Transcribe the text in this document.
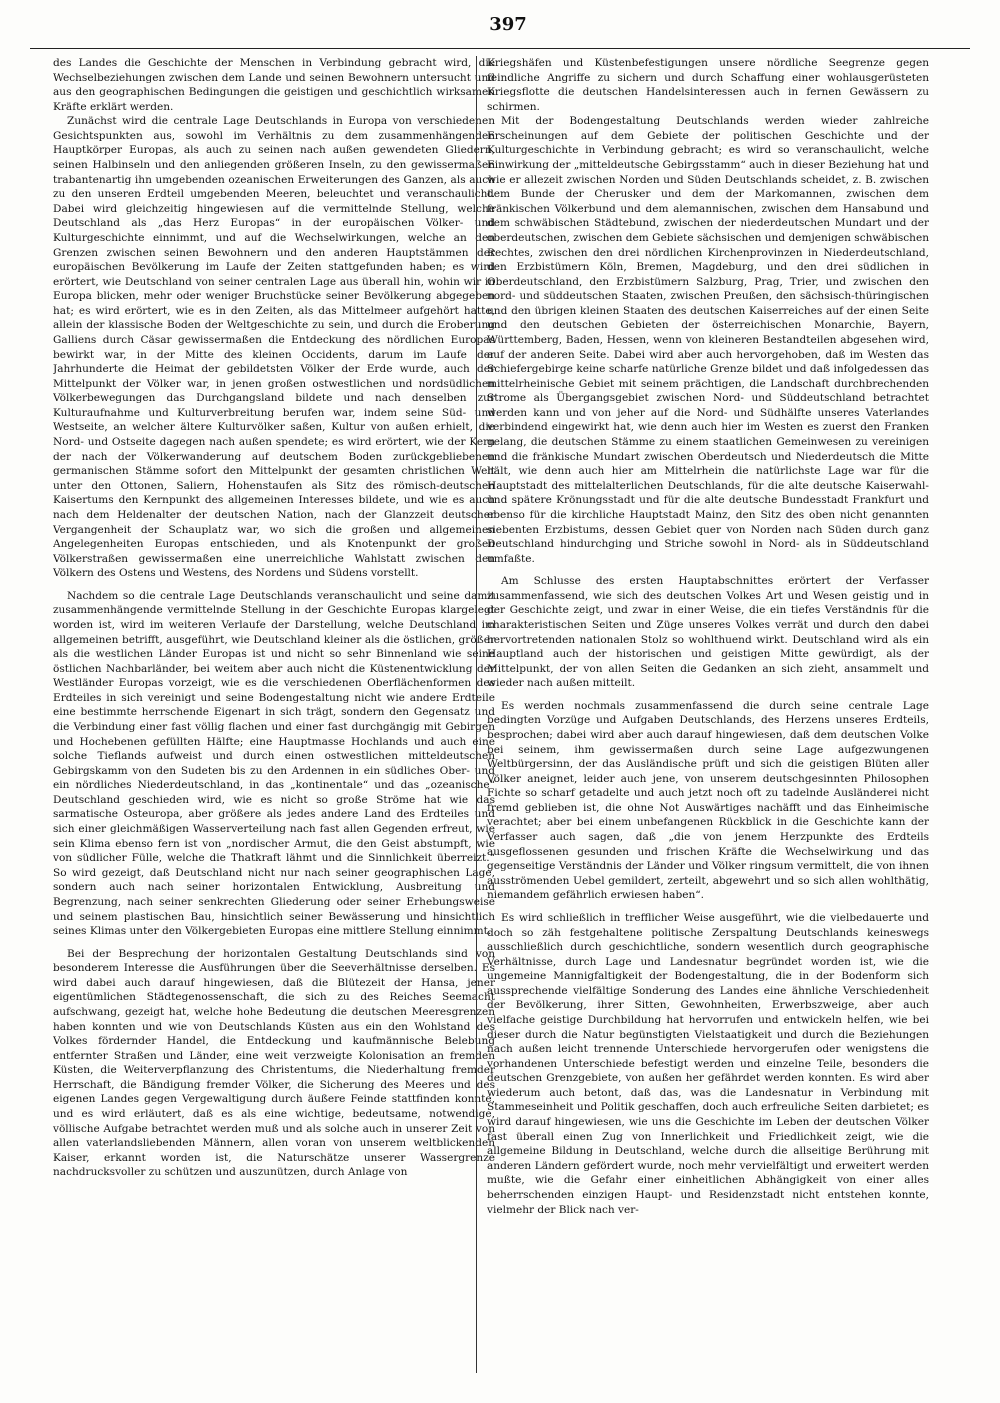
397

des Landes die Geschichte der Menschen in Verbindung gebracht wird, die Wechselbeziehungen zwischen dem Lande und seinen Bewohnern untersucht und aus den geographischen Bedingungen die geistigen und geschichtlich wirksamen Kräfte erklärt werden.

Zunächst wird die centrale Lage Deutschlands in Europa von verschiedenen Gesichtspunkten aus, sowohl im Verhältnis zu dem zusammenhängenden Hauptkörper Europas, als auch zu seinen nach außen gewendeten Gliedern, seinen Halbinseln und den anliegenden größeren Inseln, zu den gewissermaßen trabantenartig ihn umgebenden ozeanischen Erweiterungen des Ganzen, als auch zu den unseren Erdteil umgebenden Meeren, beleuchtet und veranschaulicht. Dabei wird gleichzeitig hingewiesen auf die vermittelnde Stellung, welche Deutschland als „das Herz Europas“ in der europäischen Völker- und Kulturgeschichte einnimmt, und auf die Wechselwirkungen, welche an den Grenzen zwischen seinen Bewohnern und den anderen Hauptstämmen der europäischen Bevölkerung im Laufe der Zeiten stattgefunden haben; es wird erörtert, wie Deutschland von seiner centralen Lage aus überall hin, wohin wir in Europa blicken, mehr oder weniger Bruchstücke seiner Bevölkerung abgegeben hat; es wird erörtert, wie es in den Zeiten, als das Mittelmeer aufgehört hatte, allein der klassische Boden der Weltgeschichte zu sein, und durch die Eroberung Galliens durch Cäsar gewissermaßen die Entdeckung des nördlichen Europas bewirkt war, in der Mitte des kleinen Occidents, darum im Laufe der Jahrhunderte die Heimat der gebildetsten Völker der Erde wurde, auch der Mittelpunkt der Völker war, in jenen großen ostwestlichen und nordsüdlichen Völkerbewegungen das Durchgangsland bildete und nach denselben zur Kulturaufnahme und Kulturverbreitung berufen war, indem seine Süd- und Westseite, an welcher ältere Kulturvölker saßen, Kultur von außen erhielt, die Nord- und Ostseite dagegen nach außen spendete; es wird erörtert, wie der Kern der nach der Völkerwanderung auf deutschem Boden zurückgebliebenen germanischen Stämme sofort den Mittelpunkt der gesamten christlichen Welt unter den Ottonen, Saliern, Hohenstaufen als Sitz des römisch-deutschen Kaisertums den Kernpunkt des allgemeinen Interesses bildete, und wie es auch nach dem Heldenalter der deutschen Nation, nach der Glanzzeit deutscher Vergangenheit der Schauplatz war, wo sich die großen und allgemeinen Angelegenheiten Europas entschieden, und als Knotenpunkt der großen Völkerstraßen gewissermaßen eine unerreichliche Wahlstatt zwischen den Völkern des Ostens und Westens, des Nordens und Südens vorstellt.

Nachdem so die centrale Lage Deutschlands veranschaulicht und seine damit zusammenhängende vermittelnde Stellung in der Geschichte Europas klargelegt worden ist, wird im weiteren Verlaufe der Darstellung, welche Deutschland im allgemeinen betrifft, ausgeführt, wie Deutschland kleiner als die östlichen, größer als die westlichen Länder Europas ist und nicht so sehr Binnenland wie seine östlichen Nachbarländer, bei weitem aber auch nicht die Küstenentwicklung der Westländer Europas vorzeigt, wie es die verschiedenen Oberflächenformen des Erdteiles in sich vereinigt und seine Bodengestaltung nicht wie andere Erdteile eine bestimmte herrschende Eigenart in sich trägt, sondern den Gegensatz und die Verbindung einer fast völlig flachen und einer fast durchgängig mit Gebirgen und Hochebenen gefüllten Hälfte; eine Hauptmasse Hochlands und auch eine solche Tieflands aufweist und durch einen ostwestlichen mitteldeutschen Gebirgskamm von den Sudeten bis zu den Ardennen in ein südliches Ober- und ein nördliches Niederdeutschland, in das „kontinentale“ und das „ozeanische“ Deutschland geschieden wird, wie es nicht so große Ströme hat wie das sarmatische Osteuropa, aber größere als jedes andere Land des Erdteiles und sich einer gleichmäßigen Wasserverteilung nach fast allen Gegenden erfreut, wie sein Klima ebenso fern ist von „nordischer Armut, die den Geist abstumpft, wie von südlicher Fülle, welche die Thatkraft lähmt und die Sinnlichkeit überreizt.“ So wird gezeigt, daß Deutschland nicht nur nach seiner geographischen Lage, sondern auch nach seiner horizontalen Entwicklung, Ausbreitung und Begrenzung, nach seiner senkrechten Gliederung oder seiner Erhebungsweise und seinem plastischen Bau, hinsichtlich seiner Bewässerung und hinsichtlich seines Klimas unter den Völkergebieten Europas eine mittlere Stellung einnimmt.

Bei der Besprechung der horizontalen Gestaltung Deutschlands sind von besonderem Interesse die Ausführungen über die Seeverhältnisse derselben. Es wird dabei auch darauf hingewiesen, daß die Blütezeit der Hansa, jener eigentümlichen Städtegenossenschaft, die sich zu des Reiches Seemacht aufschwang, gezeigt hat, welche hohe Bedeutung die deutschen Meeresgrenzen haben konnten und wie von Deutschlands Küsten aus ein den Wohlstand des Volkes fördernder Handel, die Entdeckung und kaufmännische Belebung entfernter Straßen und Länder, eine weit verzweigte Kolonisation an fremden Küsten, die Weiterverpflanzung des Christentums, die Niederhaltung fremder Herrschaft, die Bändigung fremder Völker, die Sicherung des Meeres und des eigenen Landes gegen Vergewaltigung durch äußere Feinde stattfinden konnte, und es wird erläutert, daß es als eine wichtige, bedeutsame, notwendige, völlische Aufgabe betrachtet werden muß und als solche auch in unserer Zeit von allen vaterlandsliebenden Männern, allen voran von unserem weltblickenden Kaiser, erkannt worden ist, die Naturschätze unserer Wassergrenze nachdrucksvoller zu schützen und auszunützen, durch Anlage von

Kriegshäfen und Küstenbefestigungen unsere nördliche Seegrenze gegen feindliche Angriffe zu sichern und durch Schaffung einer wohlausgerüsteten Kriegsflotte die deutschen Handelsinteressen auch in fernen Gewässern zu schirmen.

Mit der Bodengestaltung Deutschlands werden wieder zahlreiche Erscheinungen auf dem Gebiete der politischen Geschichte und der Kulturgeschichte in Verbindung gebracht; es wird so veranschaulicht, welche Einwirkung der „mitteldeutsche Gebirgsstamm“ auch in dieser Beziehung hat und wie er allezeit zwischen Norden und Süden Deutschlands scheidet, z. B. zwischen dem Bunde der Cherusker und dem der Markomannen, zwischen dem fränkischen Völkerbund und dem alemannischen, zwischen dem Hansabund und dem schwäbischen Städtebund, zwischen der niederdeutschen Mundart und der oberdeutschen, zwischen dem Gebiete sächsischen und demjenigen schwäbischen Rechtes, zwischen den drei nördlichen Kirchenprovinzen in Niederdeutschland, den Erzbistümern Köln, Bremen, Magdeburg, und den drei südlichen in Oberdeutschland, den Erzbistümern Salzburg, Prag, Trier, und zwischen den nord- und süddeutschen Staaten, zwischen Preußen, den sächsisch-thüringischen und den übrigen kleinen Staaten des deutschen Kaiserreiches auf der einen Seite und den deutschen Gebieten der österreichischen Monarchie, Bayern, Württemberg, Baden, Hessen, wenn von kleineren Bestandteilen abgesehen wird, auf der anderen Seite. Dabei wird aber auch hervorgehoben, daß im Westen das Schiefergebirge keine scharfe natürliche Grenze bildet und daß infolgedessen das mittelrheinische Gebiet mit seinem prächtigen, die Landschaft durchbrechenden Strome als Übergangsgebiet zwischen Nord- und Süddeutschland betrachtet werden kann und von jeher auf die Nord- und Südhälfte unseres Vaterlandes verbindend eingewirkt hat, wie denn auch hier im Westen es zuerst den Franken gelang, die deutschen Stämme zu einem staatlichen Gemeinwesen zu vereinigen und die fränkische Mundart zwischen Oberdeutsch und Niederdeutsch die Mitte hält, wie denn auch hier am Mittelrhein die natürlichste Lage war für die Hauptstadt des mittelalterlichen Deutschlands, für die alte deutsche Kaiserwahl- und spätere Krönungsstadt und für die alte deutsche Bundesstadt Frankfurt und ebenso für die kirchliche Hauptstadt Mainz, den Sitz des oben nicht genannten siebenten Erzbistums, dessen Gebiet quer von Norden nach Süden durch ganz Deutschland hindurchging und Striche sowohl in Nord- als in Süddeutschland umfaßte.

Am Schlusse des ersten Hauptabschnittes erörtert der Verfasser zusammenfassend, wie sich des deutschen Volkes Art und Wesen geistig und in der Geschichte zeigt, und zwar in einer Weise, die ein tiefes Verständnis für die charakteristischen Seiten und Züge unseres Volkes verrät und durch den dabei hervortretenden nationalen Stolz so wohlthuend wirkt. Deutschland wird als ein Hauptland auch der historischen und geistigen Mitte gewürdigt, als der Mittelpunkt, der von allen Seiten die Gedanken an sich zieht, ansammelt und wieder nach außen mitteilt.

Es werden nochmals zusammenfassend die durch seine centrale Lage bedingten Vorzüge und Aufgaben Deutschlands, des Herzens unseres Erdteils, besprochen; dabei wird aber auch darauf hingewiesen, daß dem deutschen Volke bei seinem, ihm gewissermaßen durch seine Lage aufgezwungenen Weltbürgersinn, der das Ausländische prüft und sich die geistigen Blüten aller Völker aneignet, leider auch jene, von unserem deutschgesinnten Philosophen Fichte so scharf getadelte und auch jetzt noch oft zu tadelnde Ausländerei nicht fremd geblieben ist, die ohne Not Auswärtiges nachäfft und das Einheimische verachtet; aber bei einem unbefangenen Rückblick in die Geschichte kann der Verfasser auch sagen, daß „die von jenem Herzpunkte des Erdteils ausgeflossenen gesunden und frischen Kräfte die Wechselwirkung und das gegenseitige Verständnis der Länder und Völker ringsum vermittelt, die von ihnen ausströmenden Uebel gemildert, zerteilt, abgewehrt und so sich allen wohlthätig, niemandem gefährlich erwiesen haben“.

Es wird schließlich in trefflicher Weise ausgeführt, wie die vielbedauerte und doch so zäh festgehaltene politische Zerspaltung Deutschlands keineswegs ausschließlich durch geschichtliche, sondern wesentlich durch geographische Verhältnisse, durch Lage und Landesnatur begründet worden ist, wie die ungemeine Mannigfaltigkeit der Bodengestaltung, die in der Bodenform sich aussprechende vielfältige Sonderung des Landes eine ähnliche Verschiedenheit der Bevölkerung, ihrer Sitten, Gewohnheiten, Erwerbszweige, aber auch vielfache geistige Durchbildung hat hervorrufen und entwickeln helfen, wie bei dieser durch die Natur begünstigten Vielstaatigkeit und durch die Beziehungen nach außen leicht trennende Unterschiede hervorgerufen oder wenigstens die vorhandenen Unterschiede befestigt werden und einzelne Teile, besonders die deutschen Grenzgebiete, von außen her gefährdet werden konnten. Es wird aber wiederum auch betont, daß das, was die Landesnatur in Verbindung mit Stammeseinheit und Politik geschaffen, doch auch erfreuliche Seiten darbietet; es wird darauf hingewiesen, wie uns die Geschichte im Leben der deutschen Völker fast überall einen Zug von Innerlichkeit und Friedlichkeit zeigt, wie die allgemeine Bildung in Deutschland, welche durch die allseitige Berührung mit anderen Ländern gefördert wurde, noch mehr vervielfältigt und erweitert werden mußte, wie die Gefahr einer einheitlichen Abhängigkeit von einer alles beherrschenden einzigen Haupt- und Residenzstadt nicht entstehen konnte, vielmehr der Blick nach ver-
